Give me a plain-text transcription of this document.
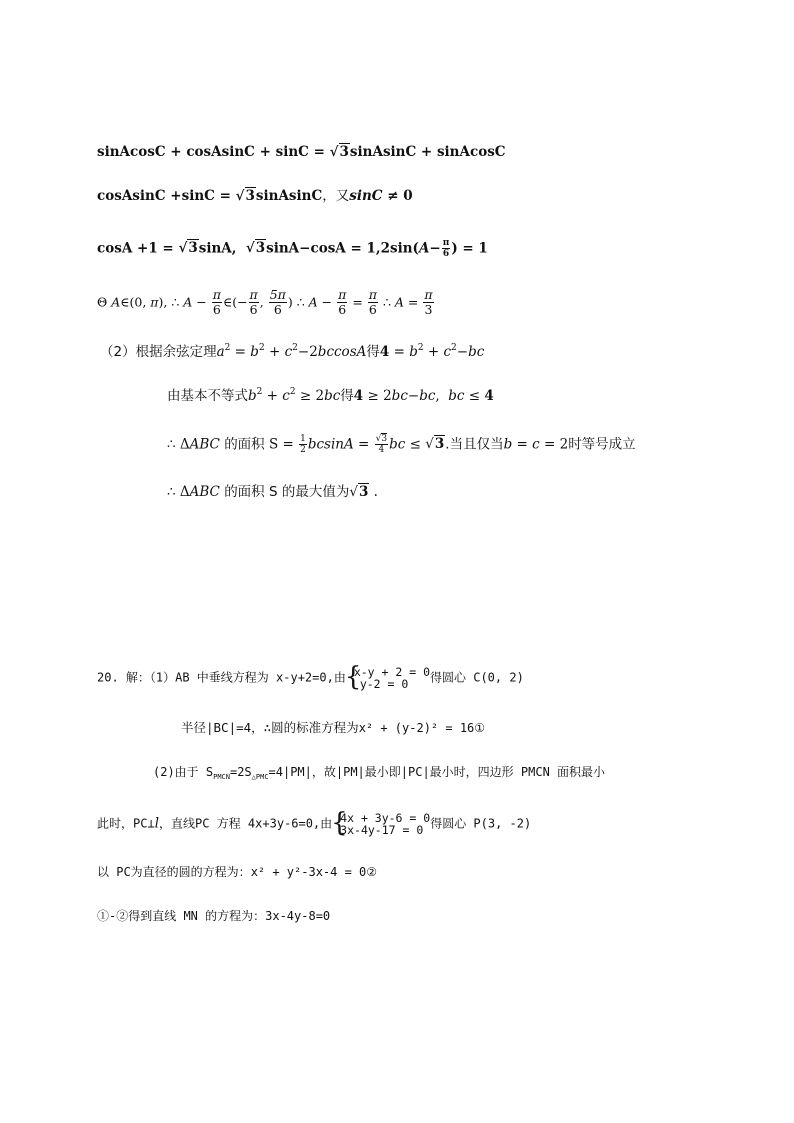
sinAcosC + cosAsinC + sinC = √3sinAsinC + sinAcosC
cosAsinC +sinC = √3sinAsinC，又sinC ≠ 0
cosA +1 = √3sinA,  $√3\sin A-\cos A = 1,2\sin(A- \frac{\pi}{6}$ ) = 1
Θ A∈(0, π), ∴ $A - \frac{\pi}{6}$ ∈(− $\frac{\pi}{6}$ , $\frac{5\pi}{6}$ ) ∴ $A - \frac{\pi}{6} = \frac{\pi}{6}$ ∴ $A = \frac{\pi}{3}$
（2）根据余弦定理$a^2 = b^2 + c^2-2bccosA$得$4 = b^2 + c^2-bc$
由基本不等式$b^2 + c^2 \ge 2bc$得4 ≥ 2bc−bc,  bc ≤ 4
∴ ΔABC 的面积 $S = \frac{1}{2}$ $bcsinA = \frac{√3}{4}$ bc ≤ √3.当且仅当b = c = 2时等号成立
∴ ΔABC 的面积 S 的最大值为√3 .
20. 解：（1）AB 中垂线方程为 x-y+2=0,由 {
x-y + 2 = 0
y-2 = 0	得圆心 C(0, 2)
半径|BC|=4，∴圆的标准方程为x² + (y-2)² = 16①
(2)由于 $S_{PMCN}=2S_{\triangle PMC}=4|PM|$，故|PM|最小即|PC|最小时，四边形 PMCN 面积最小
此时，PC⊥l，直线PC 方程 4x+3y-6=0,由 {
4x + 3y-6 = 0
3x-4y-17 = 0 得圆心 P(3, -2)
以 PC为直径的圆的方程为：x² + y²-3x-4 = 0②
①-②得到直线 MN 的方程为：3x-4y-8=0
